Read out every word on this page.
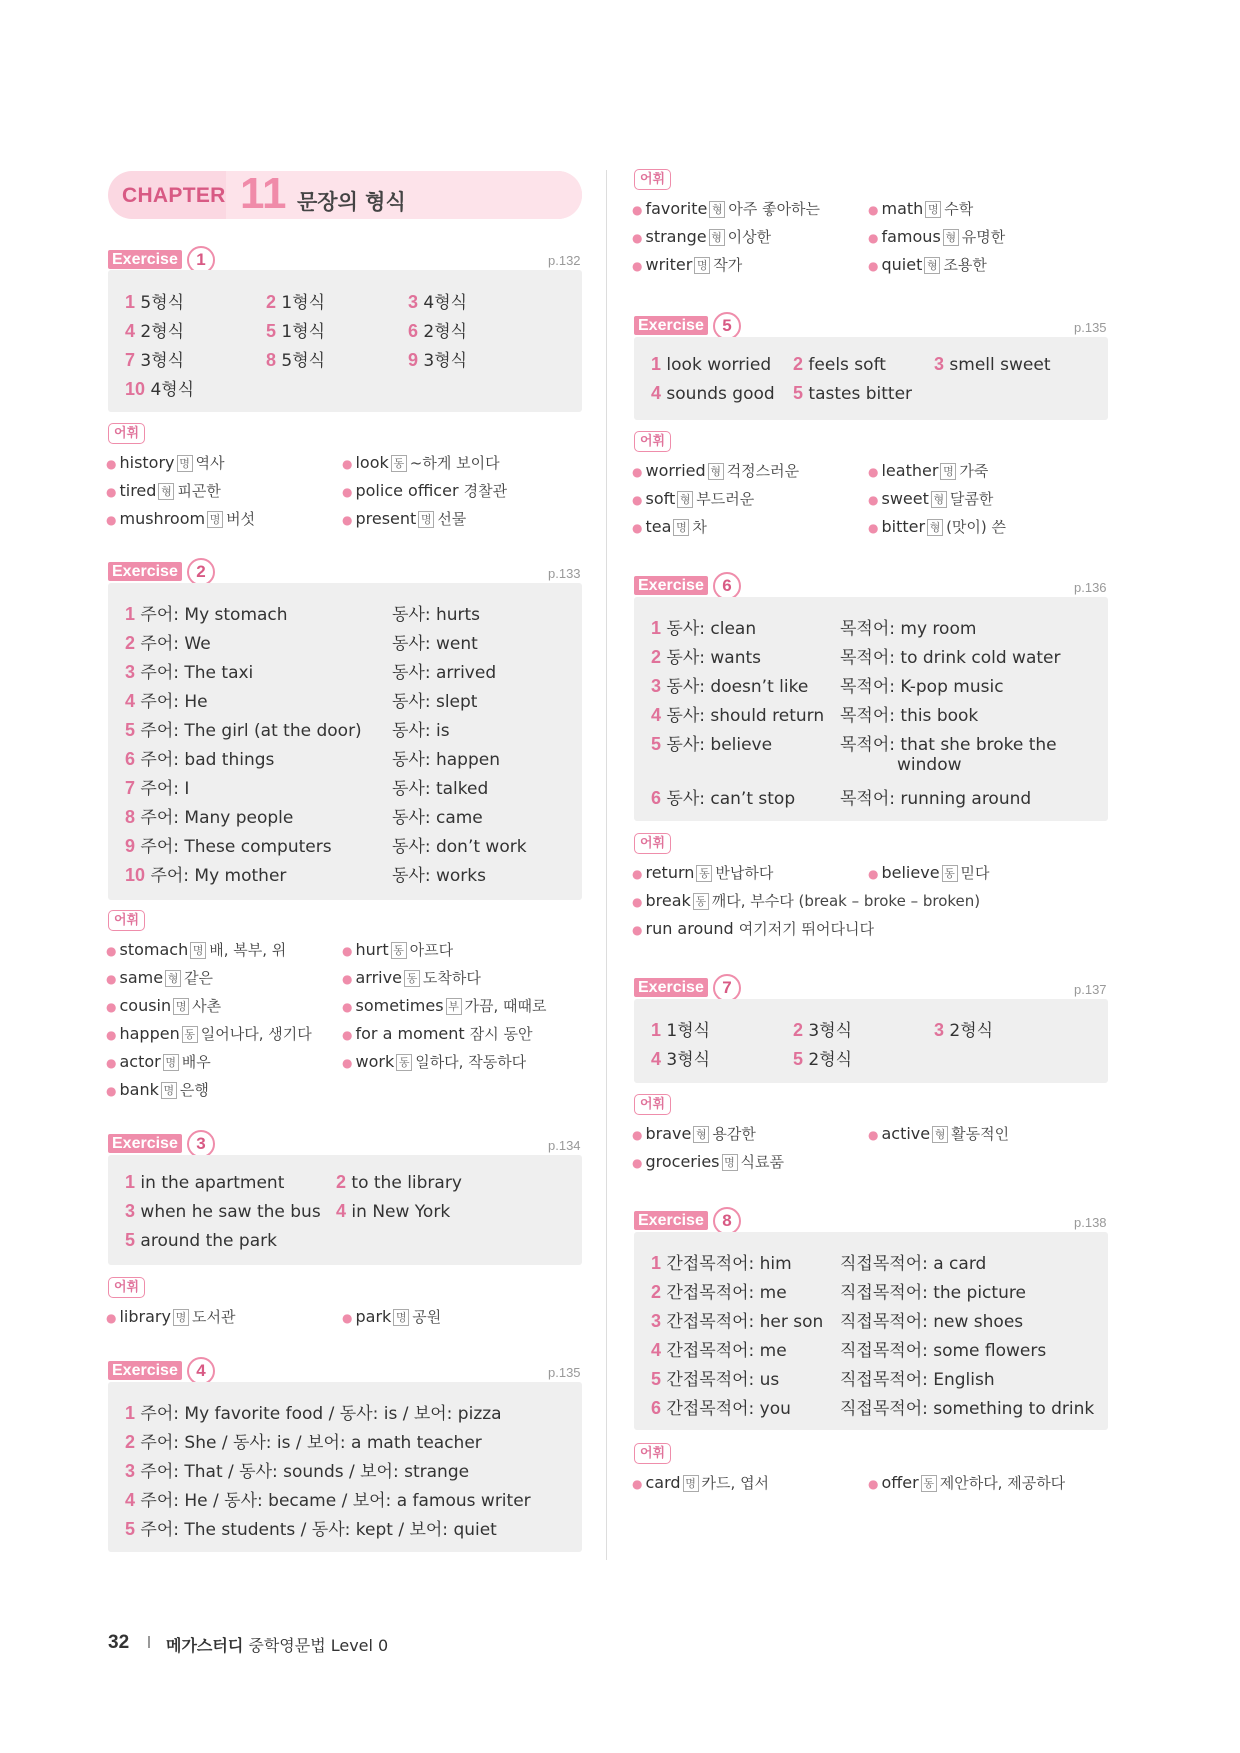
CHAPTER 11 문장의 형식
Exercise	1	p.132
1 5형식	2 1형식	3 4형식
4 2형식	5 1형식	6 2형식
7 3형식	8 5형식	9 3형식
10 4형식
어휘
● history 명 역사	● look 동 ~하게 보이다
● tired 형 피곤한	● police officer 경찰관
● mushroom 명 버섯	● present 명 선물
Exercise	2	p.133
1 주어: My stomach	동사: hurts
2 주어: We	동사: went
3 주어: The taxi	동사: arrived
4 주어: He	동사: slept
5 주어: The girl (at the door) 동사: is
6 주어: bad things	동사: happen
7 주어: I	동사: talked
8 주어: Many people	동사: came
9 주어: These computers	동사: don’t work
10 주어: My mother	동사: works
어휘
● stomach 명 배, 복부, 위	● hurt 동 아프다
● same 형 같은	● arrive 동 도착하다
● cousin 명 사촌	● sometimes 부 가끔, 때때로
● happen 동 일어나다, 생기다	● for a moment 잠시 동안
● actor 명 배우	● work 동 일하다, 작동하다
● bank 명 은행
Exercise	3	p.134
1 in the apartment	2 to the library
3 when he saw the bus 4 in New York
5 around the park
어휘
● library 명 도서관	● park 명 공원
Exercise	4	p.135
1 주어: My favorite food / 동사: is / 보어: pizza
2 주어: She / 동사: is / 보어: a math teacher
3 주어: That / 동사: sounds / 보어: strange
4 주어: He / 동사: became / 보어: a famous writer
5 주어: The students / 동사: kept / 보어: quiet
어휘
● favorite 형 아주 좋아하는	● math 명 수학
● strange 형 이상한	● famous 형 유명한
● writer 명 작가	● quiet 형 조용한
Exercise	5	p.135
1 look worried 2 feels soft	3 smell sweet
4 sounds good 5 tastes bitter
어휘
● worried 형 걱정스러운	● leather 명 가죽
● soft 형 부드러운	● sweet 형 달콤한
● tea 명 차	● bitter 형 (맛이) 쓴
Exercise	6	p.136
1 동사: clean	목적어: my room
2 동사: wants	목적어: to drink cold water
3 동사: doesn’t like 목적어: K-pop music
4 동사: should return 목적어: this book
5 동사: believe	목적어: that she broke the
window
6 동사: can’t stop	목적어: running around
어휘
● return 동 반납하다	● believe 동 믿다
● break 동 깨다, 부수다 (break – broke – broken)
● run around 여기저기 뛰어다니다
Exercise	7	p.137
1 1형식	2 3형식	3 2형식
4 3형식	5 2형식
어휘
● brave 형 용감한	● active 형 활동적인
● groceries 명 식료품
Exercise	8	p.138
1 간접목적어: him	직접목적어: a card
2 간접목적어: me	직접목적어: the picture
3 간접목적어: her son 직접목적어: new shoes
4 간접목적어: me	직접목적어: some flowers
5 간접목적어: us	직접목적어: English
6 간접목적어: you	직접목적어: something to drink
어휘
● card 명 카드, 엽서	● offer 동 제안하다, 제공하다
32 메가스터디 중학영문법 Level 0
